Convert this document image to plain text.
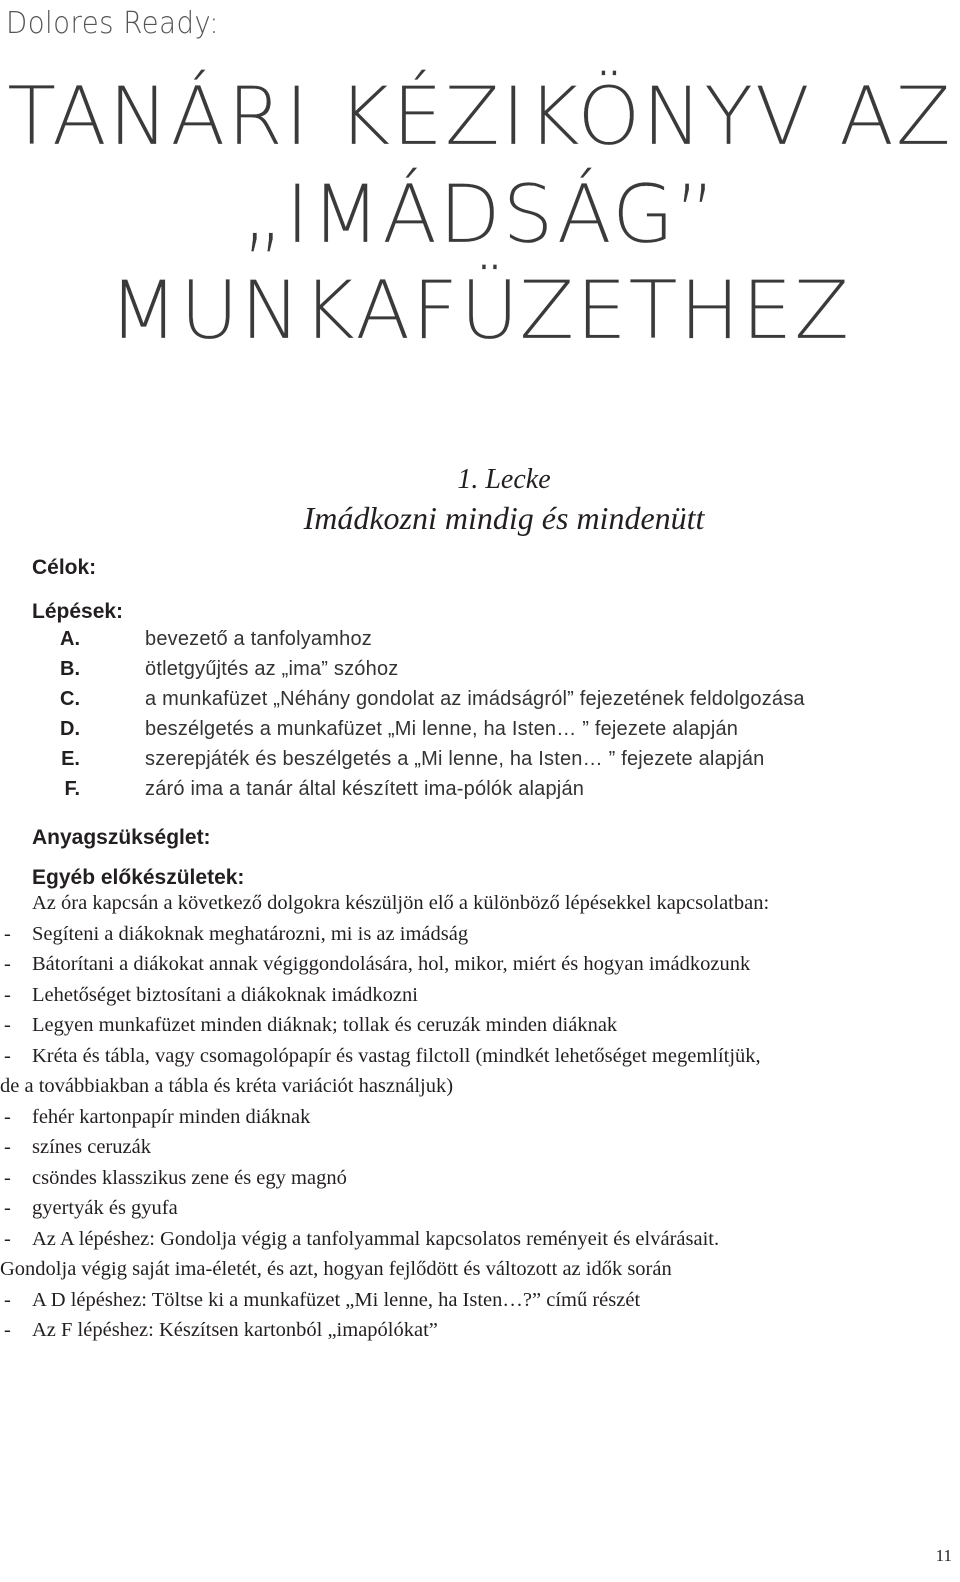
Dolores Ready:
TANÁRI KÉZIKÖNYV AZ
„IMÁDSÁG”
MUNKAFÜZETHEZ
1. Lecke
Imádkozni mindig és mindenütt
Célok:
Lépések:
A.	bevezető a tanfolyamhoz
B.	ötletgyűjtés az „ima” szóhoz
C.	a munkafüzet „Néhány gondolat az imádságról” fejezetének feldolgozása
D.	beszélgetés a munkafüzet „Mi lenne, ha Isten… ” fejezete alapján
E.	szerepjáték és beszélgetés a „Mi lenne, ha Isten… ” fejezete alapján
F.	záró ima a tanár által készített ima-pólók alapján
Anyagszükséglet:
Egyéb előkészületek:
Az óra kapcsán a következő dolgokra készüljön elő a különböző lépésekkel kapcsolatban:
- Segíteni a diákoknak meghatározni, mi is az imádság
- Bátorítani a diákokat annak végiggondolására, hol, mikor, miért és hogyan imádkozunk
- Lehetőséget biztosítani a diákoknak imádkozni
- Legyen munkafüzet minden diáknak; tollak és ceruzák minden diáknak
- Kréta és tábla, vagy csomagolópapír és vastag filctoll (mindkét lehetőséget megemlítjük,
de a továbbiakban a tábla és kréta variációt használjuk)
- fehér kartonpapír minden diáknak
- színes ceruzák
- csöndes klasszikus zene és egy magnó
- gyertyák és gyufa
- Az A lépéshez: Gondolja végig a tanfolyammal kapcsolatos reményeit és elvárásait.
Gondolja végig saját ima-életét, és azt, hogyan fejlődött és változott az idők során
- A D lépéshez: Töltse ki a munkafüzet „Mi lenne, ha Isten…?” című részét
- Az F lépéshez: Készítsen kartonból „imapólókat”
11
